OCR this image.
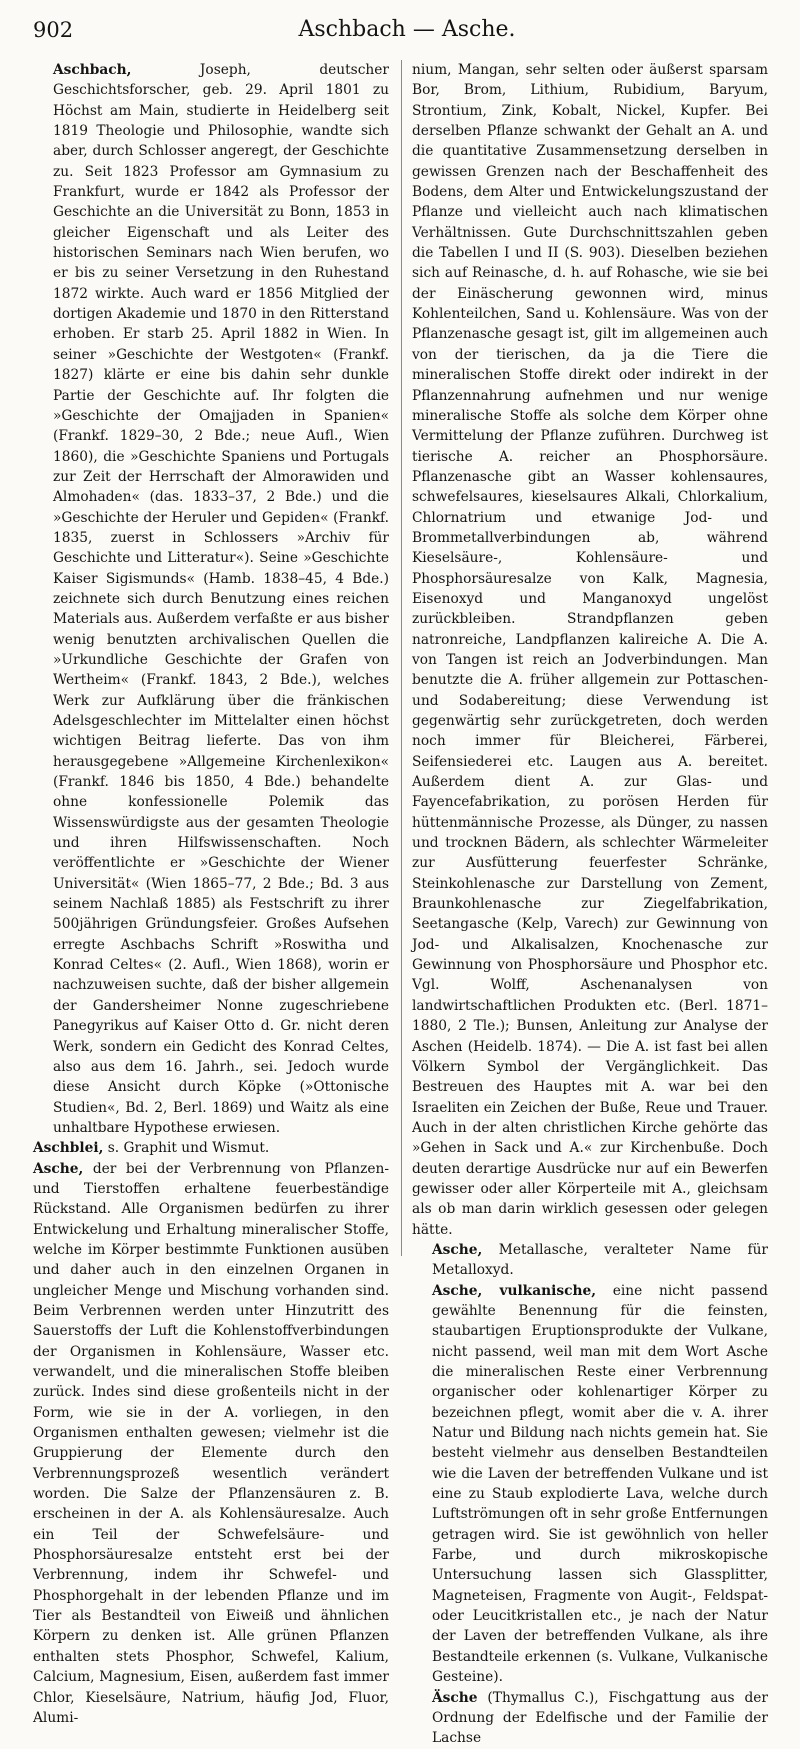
902	Aschbach — Asche.

Aschbach, Joseph, deutscher Geschichtsforscher, geb. 29. April 1801 zu Höchst am Main, studierte in Heidelberg seit 1819 Theologie und Philosophie, wandte sich aber, durch Schlosser angeregt, der Geschichte zu. Seit 1823 Professor am Gymnasium zu Frankfurt, wurde er 1842 als Professor der Geschichte an die Universität zu Bonn, 1853 in gleicher Eigenschaft und als Leiter des historischen Seminars nach Wien berufen, wo er bis zu seiner Versetzung in den Ruhestand 1872 wirkte. Auch ward er 1856 Mitglied der dortigen Akademie und 1870 in den Ritterstand erhoben. Er starb 25. April 1882 in Wien. In seiner »Geschichte der Westgoten« (Frankf. 1827) klärte er eine bis dahin sehr dunkle Partie der Geschichte auf. Ihr folgten die »Geschichte der Omajjaden in Spanien« (Frankf. 1829–30, 2 Bde.; neue Aufl., Wien 1860), die »Geschichte Spaniens und Portugals zur Zeit der Herrschaft der Almorawiden und Almohaden« (das. 1833–37, 2 Bde.) und die »Geschichte der Heruler und Gepiden« (Frankf. 1835, zuerst in Schlossers »Archiv für Geschichte und Litteratur«). Seine »Geschichte Kaiser Sigismunds« (Hamb. 1838–45, 4 Bde.) zeichnete sich durch Benutzung eines reichen Materials aus. Außerdem verfaßte er aus bisher wenig benutzten archivalischen Quellen die »Urkundliche Geschichte der Grafen von Wertheim« (Frankf. 1843, 2 Bde.), welches Werk zur Aufklärung über die fränkischen Adelsgeschlechter im Mittelalter einen höchst wichtigen Beitrag lieferte. Das von ihm herausgegebene »Allgemeine Kirchenlexikon« (Frankf. 1846 bis 1850, 4 Bde.) behandelte ohne konfessionelle Polemik das Wissenswürdigste aus der gesamten Theologie und ihren Hilfswissenschaften. Noch veröffentlichte er »Geschichte der Wiener Universität« (Wien 1865–77, 2 Bde.; Bd. 3 aus seinem Nachlaß 1885) als Festschrift zu ihrer 500jährigen Gründungsfeier. Großes Aufsehen erregte Aschbachs Schrift »Roswitha und Konrad Celtes« (2. Aufl., Wien 1868), worin er nachzuweisen suchte, daß der bisher allgemein der Gandersheimer Nonne zugeschriebene Panegyrikus auf Kaiser Otto d. Gr. nicht deren Werk, sondern ein Gedicht des Konrad Celtes, also aus dem 16. Jahrh., sei. Jedoch wurde diese Ansicht durch Köpke (»Ottonische Studien«, Bd. 2, Berl. 1869) und Waitz als eine unhaltbare Hypothese erwiesen.

Aschblei, s. Graphit und Wismut.

Asche, der bei der Verbrennung von Pflanzen- und Tierstoffen erhaltene feuerbeständige Rückstand. Alle Organismen bedürfen zu ihrer Entwickelung und Erhaltung mineralischer Stoffe, welche im Körper bestimmte Funktionen ausüben und daher auch in den einzelnen Organen in ungleicher Menge und Mischung vorhanden sind. Beim Verbrennen werden unter Hinzutritt des Sauerstoffs der Luft die Kohlenstoffverbindungen der Organismen in Kohlensäure, Wasser etc. verwandelt, und die mineralischen Stoffe bleiben zurück. Indes sind diese großenteils nicht in der Form, wie sie in der A. vorliegen, in den Organismen enthalten gewesen; vielmehr ist die Gruppierung der Elemente durch den Verbrennungsprozeß wesentlich verändert worden. Die Salze der Pflanzensäuren z. B. erscheinen in der A. als Kohlensäuresalze. Auch ein Teil der Schwefelsäure- und Phosphorsäuresalze entsteht erst bei der Verbrennung, indem ihr Schwefel- und Phosphorgehalt in der lebenden Pflanze und im Tier als Bestandteil von Eiweiß und ähnlichen Körpern zu denken ist. Alle grünen Pflanzen enthalten stets Phosphor, Schwefel, Kalium, Calcium, Magnesium, Eisen, außerdem fast immer Chlor, Kieselsäure, Natrium, häufig Jod, Fluor, Alumi-

nium, Mangan, sehr selten oder äußerst sparsam Bor, Brom, Lithium, Rubidium, Baryum, Strontium, Zink, Kobalt, Nickel, Kupfer. Bei derselben Pflanze schwankt der Gehalt an A. und die quantitative Zusammensetzung derselben in gewissen Grenzen nach der Beschaffenheit des Bodens, dem Alter und Entwickelungszustand der Pflanze und vielleicht auch nach klimatischen Verhältnissen. Gute Durchschnittszahlen geben die Tabellen I und II (S. 903). Dieselben beziehen sich auf Reinasche, d. h. auf Rohasche, wie sie bei der Einäscherung gewonnen wird, minus Kohlenteilchen, Sand u. Kohlensäure. Was von der Pflanzenasche gesagt ist, gilt im allgemeinen auch von der tierischen, da ja die Tiere die mineralischen Stoffe direkt oder indirekt in der Pflanzennahrung aufnehmen und nur wenige mineralische Stoffe als solche dem Körper ohne Vermittelung der Pflanze zuführen. Durchweg ist tierische A. reicher an Phosphorsäure. Pflanzenasche gibt an Wasser kohlensaures, schwefelsaures, kieselsaures Alkali, Chlorkalium, Chlornatrium und etwanige Jod- und Brommetallverbindungen ab, während Kieselsäure-, Kohlensäure- und Phosphorsäuresalze von Kalk, Magnesia, Eisenoxyd und Manganoxyd ungelöst zurückbleiben. Strandpflanzen geben natronreiche, Landpflanzen kalireiche A. Die A. von Tangen ist reich an Jodverbindungen. Man benutzte die A. früher allgemein zur Pottaschen- und Sodabereitung; diese Verwendung ist gegenwärtig sehr zurückgetreten, doch werden noch immer für Bleicherei, Färberei, Seifensiederei etc. Laugen aus A. bereitet. Außerdem dient A. zur Glas- und Fayencefabrikation, zu porösen Herden für hüttenmännische Prozesse, als Dünger, zu nassen und trocknen Bädern, als schlechter Wärmeleiter zur Ausfütterung feuerfester Schränke, Steinkohlenasche zur Darstellung von Zement, Braunkohlenasche zur Ziegelfabrikation, Seetangasche (Kelp, Varech) zur Gewinnung von Jod- und Alkalisalzen, Knochenasche zur Gewinnung von Phosphorsäure und Phosphor etc. Vgl. Wolff, Aschenanalysen von landwirtschaftlichen Produkten etc. (Berl. 1871–1880, 2 Tle.); Bunsen, Anleitung zur Analyse der Aschen (Heidelb. 1874). — Die A. ist fast bei allen Völkern Symbol der Vergänglichkeit. Das Bestreuen des Hauptes mit A. war bei den Israeliten ein Zeichen der Buße, Reue und Trauer. Auch in der alten christlichen Kirche gehörte das »Gehen in Sack und A.« zur Kirchenbuße. Doch deuten derartige Ausdrücke nur auf ein Bewerfen gewisser oder aller Körperteile mit A., gleichsam als ob man darin wirklich gesessen oder gelegen hätte.

Asche, Metallasche, veralteter Name für Metalloxyd.

Asche, vulkanische, eine nicht passend gewählte Benennung für die feinsten, staubartigen Eruptionsprodukte der Vulkane, nicht passend, weil man mit dem Wort Asche die mineralischen Reste einer Verbrennung organischer oder kohlenartiger Körper zu bezeichnen pflegt, womit aber die v. A. ihrer Natur und Bildung nach nichts gemein hat. Sie besteht vielmehr aus denselben Bestandteilen wie die Laven der betreffenden Vulkane und ist eine zu Staub explodierte Lava, welche durch Luftströmungen oft in sehr große Entfernungen getragen wird. Sie ist gewöhnlich von heller Farbe, und durch mikroskopische Untersuchung lassen sich Glassplitter, Magneteisen, Fragmente von Augit-, Feldspat- oder Leucitkristallen etc., je nach der Natur der Laven der betreffenden Vulkane, als ihre Bestandteile erkennen (s. Vulkane, Vulkanische Gesteine).

Äsche (Thymallus C.), Fischgattung aus der Ordnung der Edelfische und der Familie der Lachse
